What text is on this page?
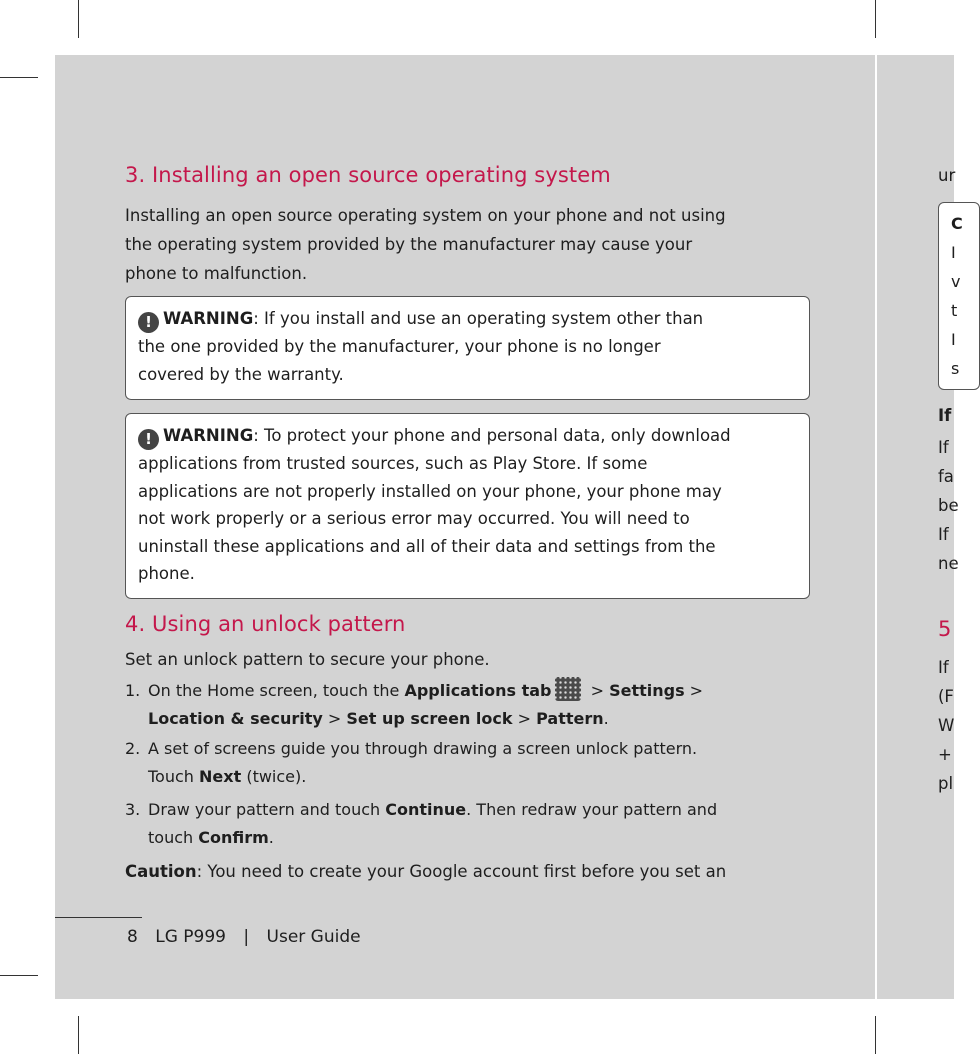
3. Installing an open source operating system
Installing an open source operating system on your phone and not using
the operating system provided by the manufacturer may cause your
phone to malfunction.
! WARNING: If you install and use an operating system other than
the one provided by the manufacturer, your phone is no longer
covered by the warranty.
! WARNING: To protect your phone and personal data, only download
applications from trusted sources, such as Play Store. If some
applications are not properly installed on your phone, your phone may
not work properly or a serious error may occurred. You will need to
uninstall these applications and all of their data and settings from the
phone.
4. Using an unlock pattern
Set an unlock pattern to secure your phone.
1. On the Home screen, touch the Applications tab > Settings >
Location & security > Set up screen lock > Pattern.
2. A set of screens guide you through drawing a screen unlock pattern.
Touch Next (twice).
3. Draw your pattern and touch Continue. Then redraw your pattern and
touch Confirm.
Caution: You need to create your Google account first before you set an
8 LG P999 | User Guide
ur
C
I
v
t
I
s
If
If
fa
be
If
ne
5
If
(F
W
+
pl
